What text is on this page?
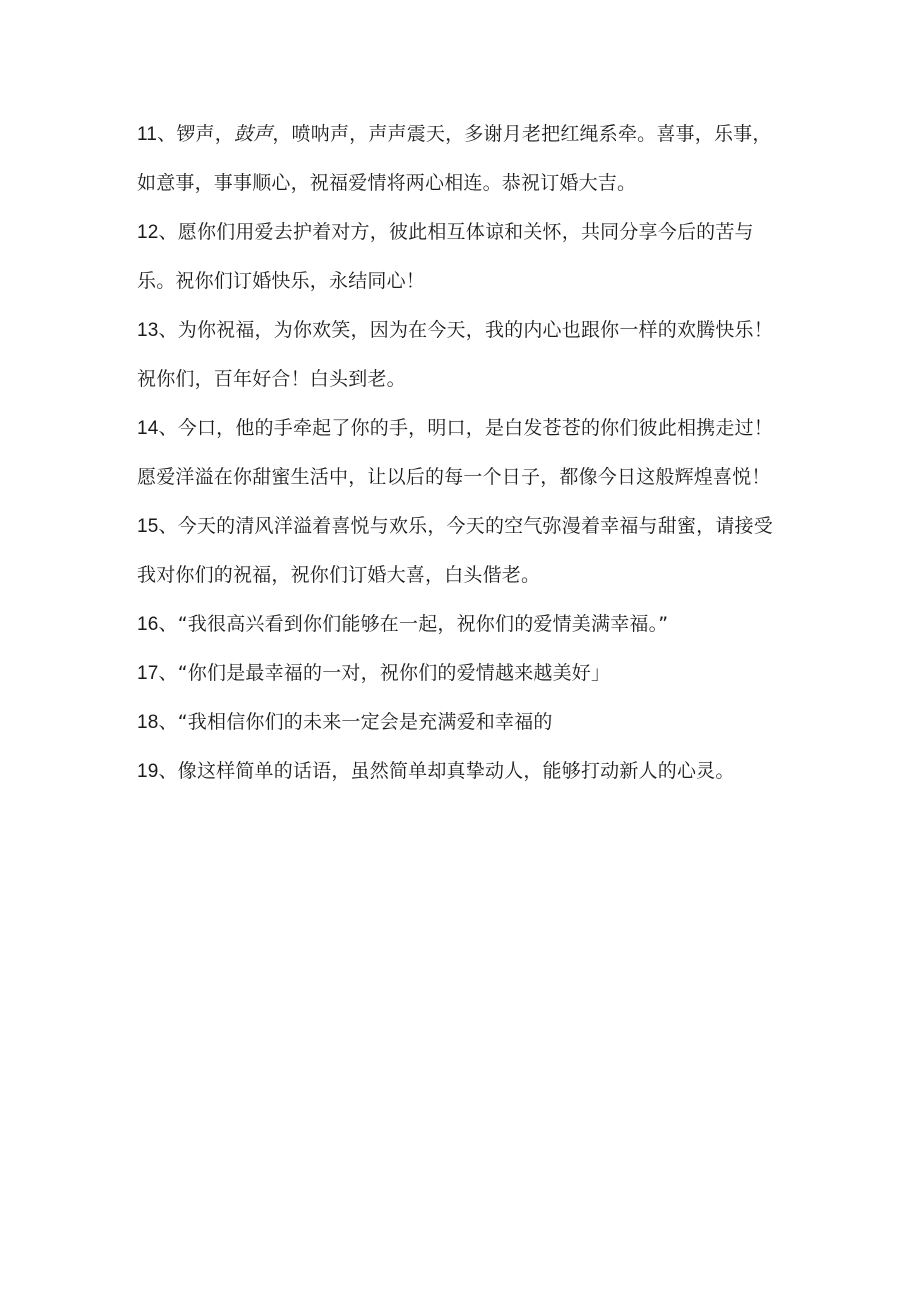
11、锣声，鼓声，喷呐声，声声震天，多谢月老把红绳系牵。喜事，乐事，
如意事，事事顺心，祝福爱情将两心相连。恭祝订婚大吉。
12、愿你们用爱去护着对方，彼此相互体谅和关怀，共同分享今后的苦与
乐。祝你们订婚快乐，永结同心！
13、为你祝福，为你欢笑，因为在今天，我的内心也跟你一样的欢腾快乐！
祝你们，百年好合！白头到老。
14、今口，他的手牵起了你的手，明口，是白发苍苍的你们彼此相携走过！
愿爱洋溢在你甜蜜生活中，让以后的每一个日子，都像今日这般辉煌喜悦！
15、今天的清风洋溢着喜悦与欢乐，今天的空气弥漫着幸福与甜蜜，请接受
我对你们的祝福，祝你们订婚大喜，白头偕老。
16、“我很高兴看到你们能够在一起，祝你们的爱情美满幸福。”
17、“你们是最幸福的一对，祝你们的爱情越来越美好」
18、“我相信你们的未来一定会是充满爱和幸福的
19、像这样简单的话语，虽然简单却真挚动人，能够打动新人的心灵。
